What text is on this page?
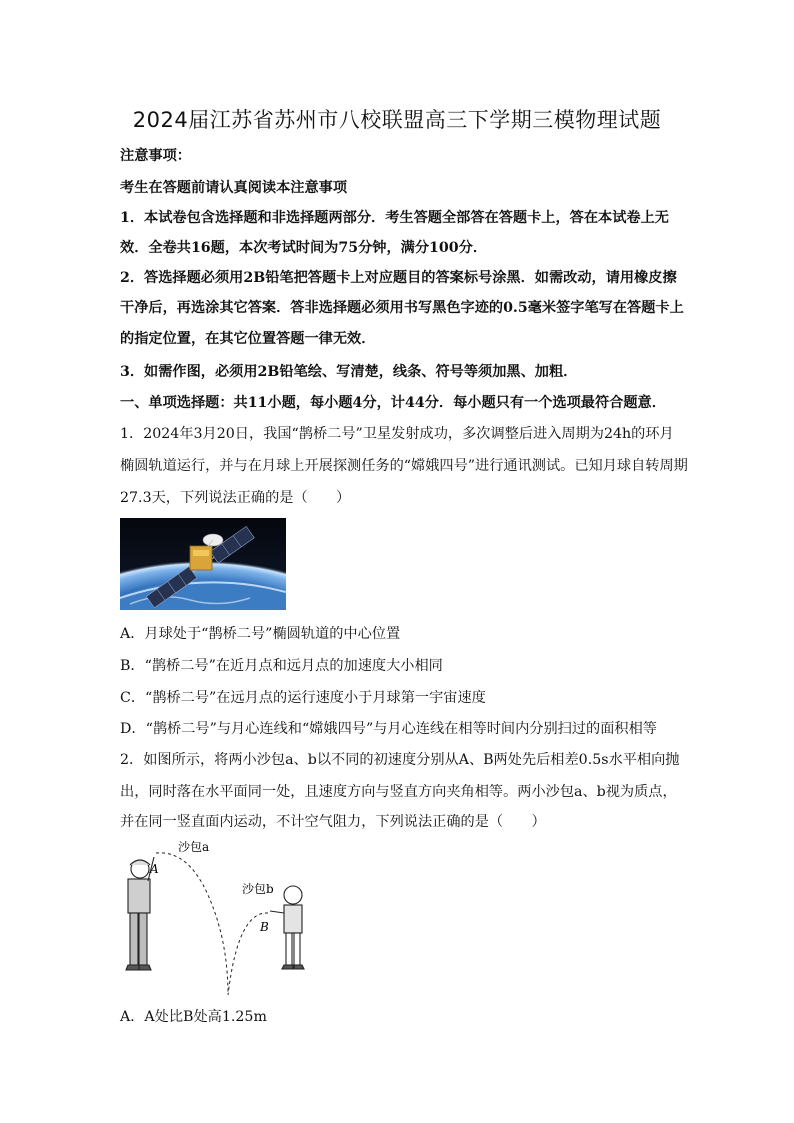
2024届江苏省苏州市八校联盟高三下学期三模物理试题
注意事项：
考生在答题前请认真阅读本注意事项
1．本试卷包含选择题和非选择题两部分．考生答题全部答在答题卡上，答在本试卷上无
效．全卷共16题，本次考试时间为75分钟，满分100分．
2．答选择题必须用2B铅笔把答题卡上对应题目的答案标号涂黑．如需改动，请用橡皮擦
干净后，再选涂其它答案．答非选择题必须用书写黑色字迹的0.5毫米签字笔写在答题卡上
的指定位置，在其它位置答题一律无效．
3．如需作图，必须用2B铅笔绘、写清楚，线条、符号等须加黑、加粗．
一、单项选择题：共11小题，每小题4分，计44分．每小题只有一个选项最符合题意．
1．2024年3月20日，我国“鹊桥二号”卫星发射成功，多次调整后进入周期为24h的环月
椭圆轨道运行，并与在月球上开展探测任务的“嫦娥四号”进行通讯测试。已知月球自转周期
27.3天，下列说法正确的是（　　）
A．月球处于“鹊桥二号”椭圆轨道的中心位置
B．“鹊桥二号”在近月点和远月点的加速度大小相同
C．“鹊桥二号”在远月点的运行速度小于月球第一宇宙速度
D．“鹊桥二号”与月心连线和“嫦娥四号”与月心连线在相等时间内分别扫过的面积相等
2．如图所示，将两小沙包a、b以不同的初速度分别从A、B两处先后相差0.5s水平相向抛
出，同时落在水平面同一处，且速度方向与竖直方向夹角相等。两小沙包a、b视为质点，
并在同一竖直面内运动，不计空气阻力，下列说法正确的是（　　）
沙包a
A
沙包b
B
A．A处比B处高1.25m
